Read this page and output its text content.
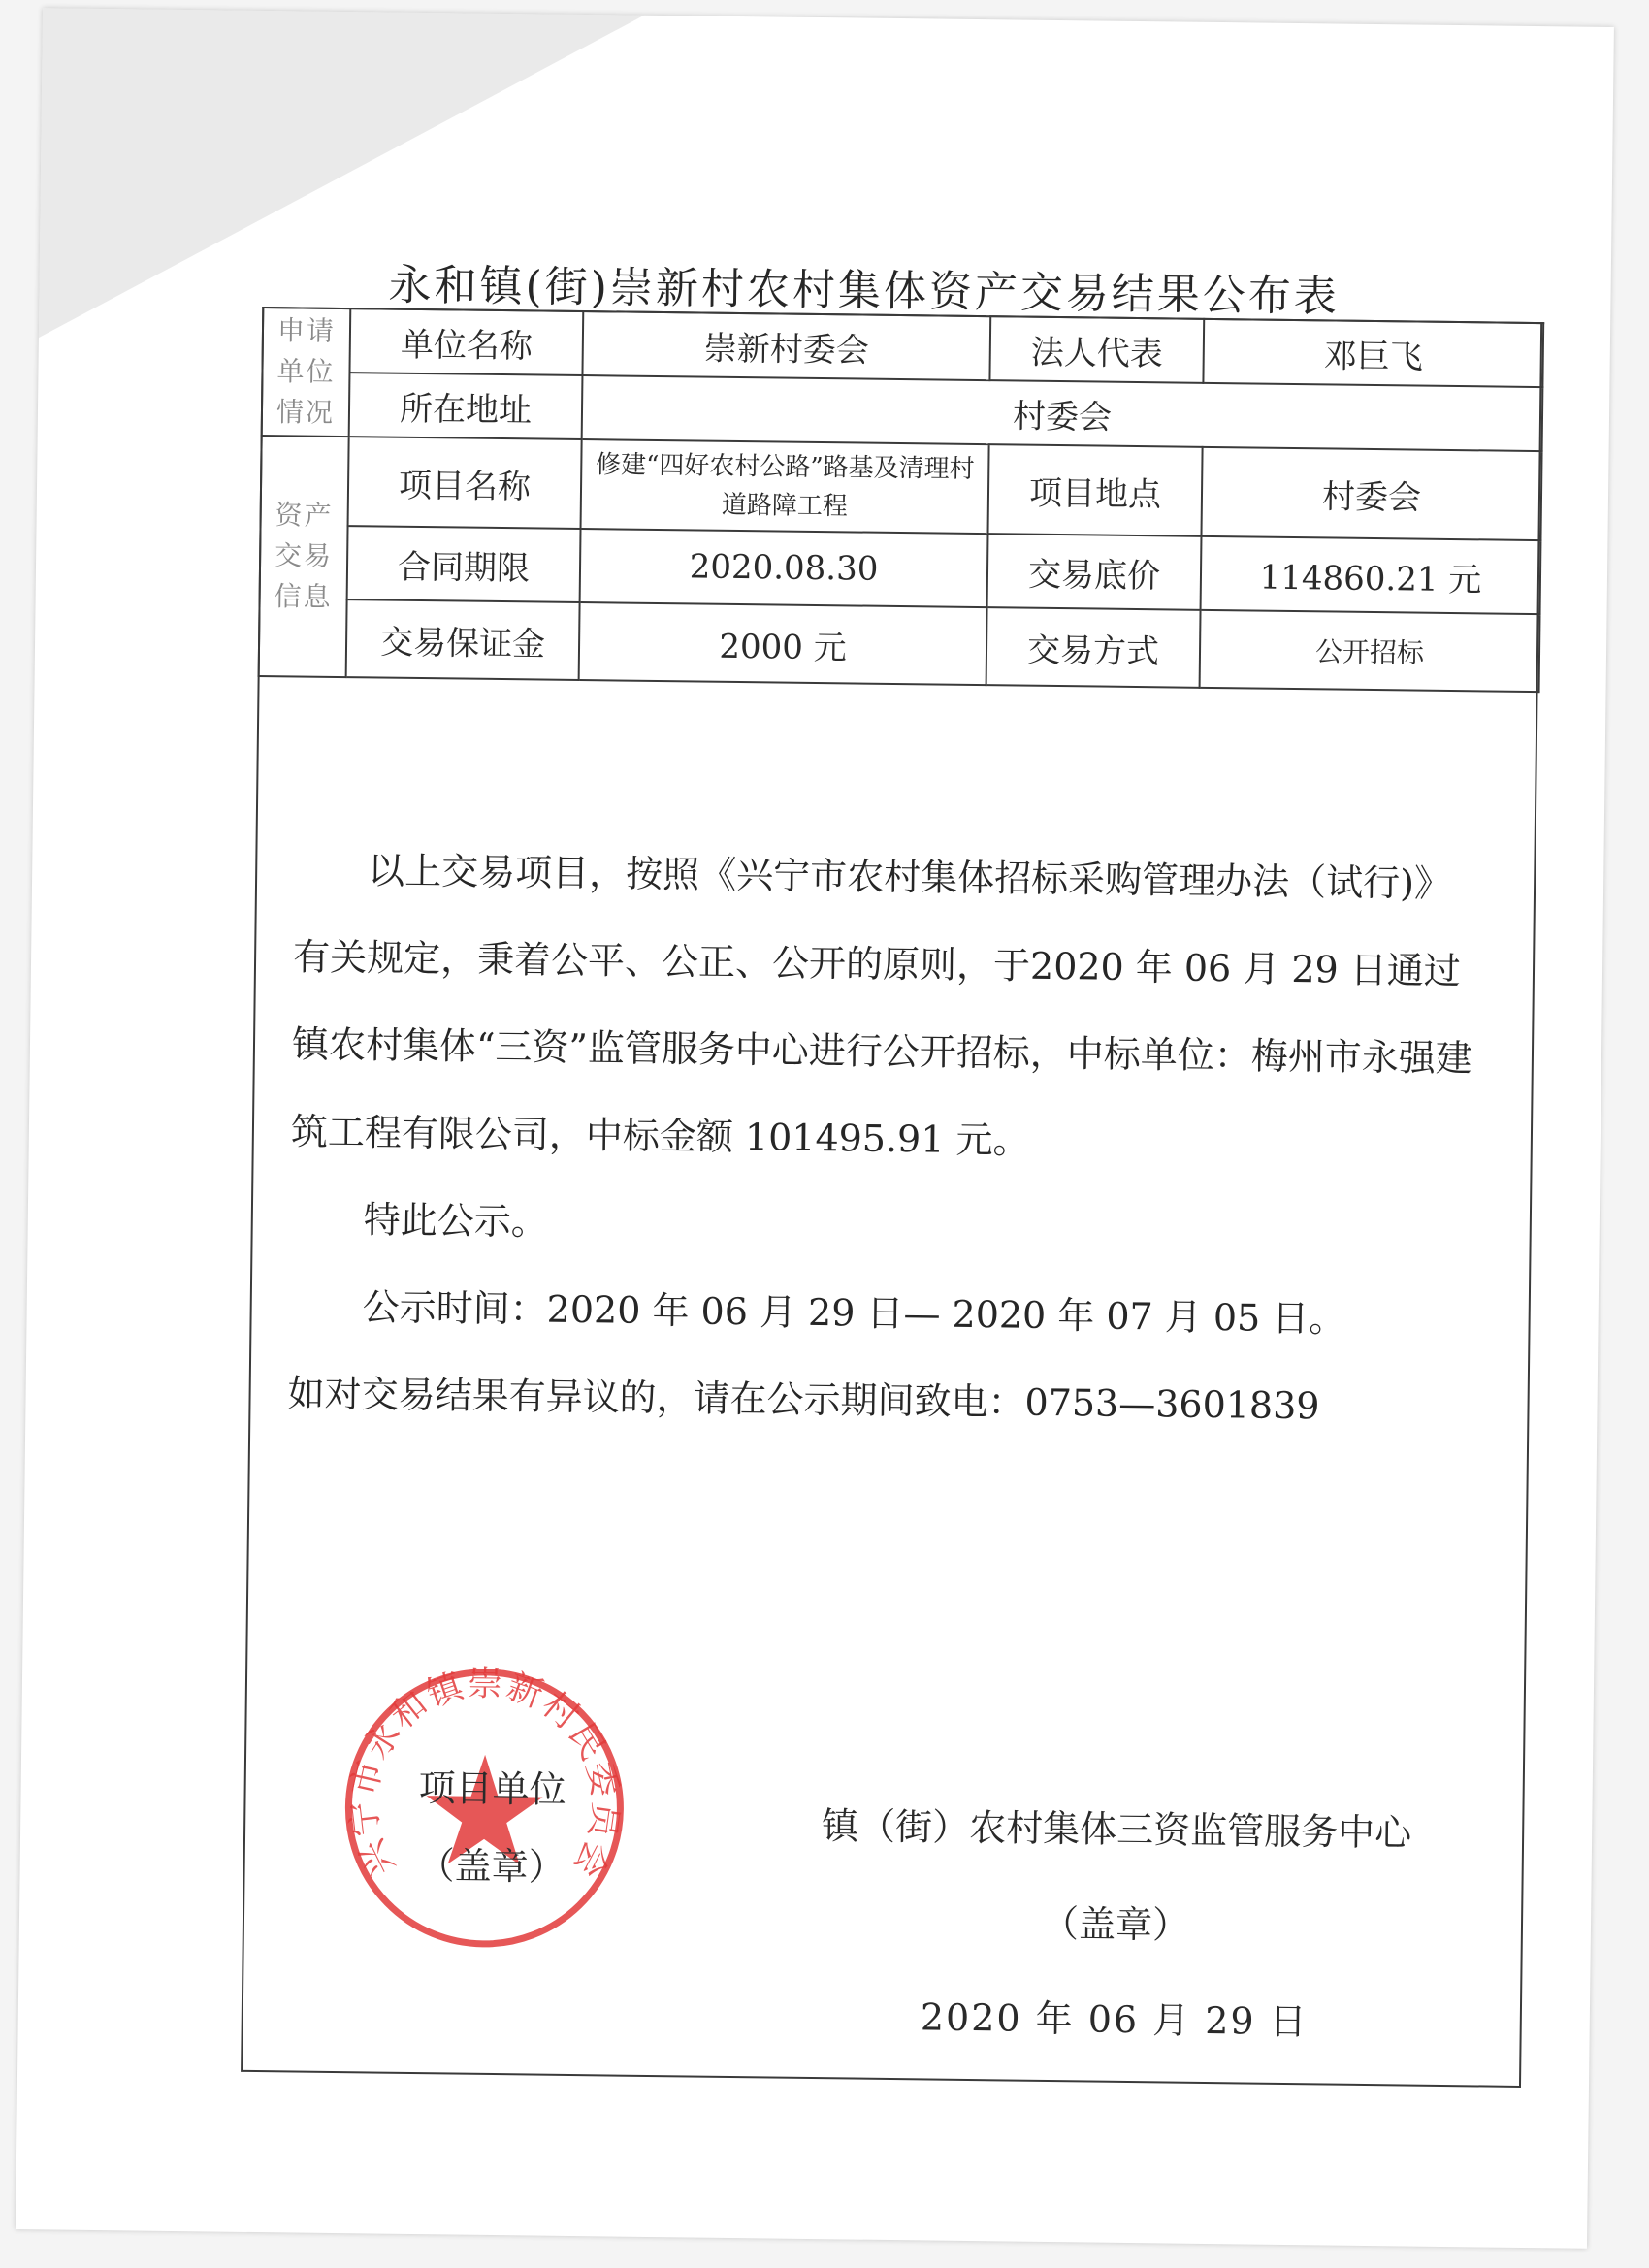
永和镇(街)崇新村农村集体资产交易结果公布表
申请单位情况	单位名称	崇新村委会	法人代表	邓巨飞
	所在地址	村委会		
资产交易信息	项目名称	修建“四好农村公路”路基及清理村道路障工程	项目地点	村委会
	合同期限	2020.08.30	交易底价	114860.21 元
	交易保证金	2000 元	交易方式	公开招标

以上交易项目，按照《兴宁市农村集体招标采购管理办法（试行)》有关规定，秉着公平、公正、公开的原则，于2020 年 06 月 29 日通过镇农村集体“三资”监管服务中心进行公开招标，中标单位：梅州市永强建筑工程有限公司，中标金额 101495.91 元。

特此公示。

公示时间：2020 年 06 月 29 日— 2020 年 07 月 05 日。

如对交易结果有异议的，请在公示期间致电：0753—3601839

兴宁市永和镇崇新村民委员会
项目单位
（盖章）
镇（街）农村集体三资监管服务中心
（盖章）
2020 年 06 月 29 日
